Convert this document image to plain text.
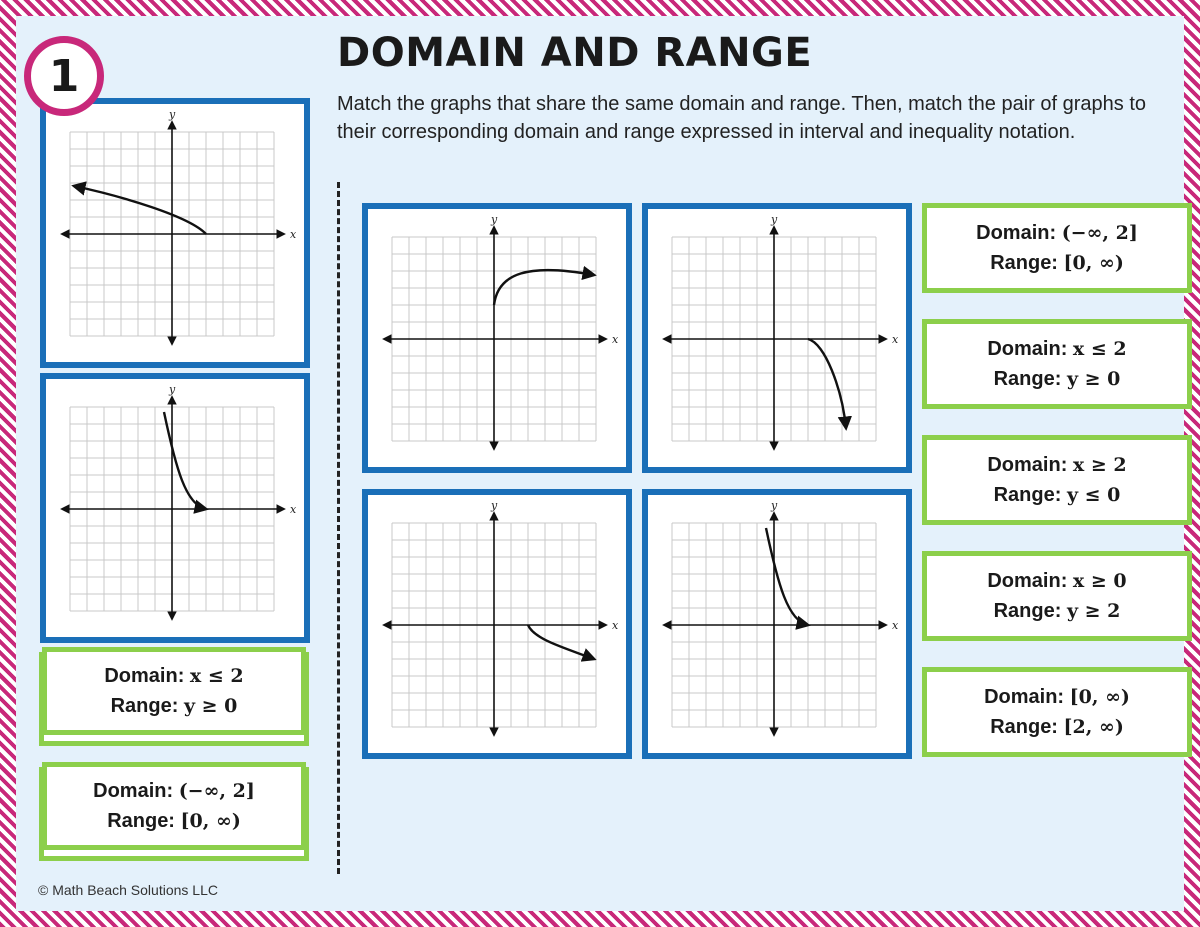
1	DOMAIN AND RANGE
Match the graphs that share the same domain and range. Then, match the pair of graphs to their corresponding domain and range expressed in interval and inequality notation.
x
y
x
y
Domain: x ≤ 2
Range: y ≥ 0
Domain: (−∞, 2]
Range: [0, ∞)
x
y
x
y
x
y
x
y
Domain: (−∞, 2]
Range: [0, ∞)
Domain: x ≤ 2
Range: y ≥ 0
Domain: x ≥ 2
Range: y ≤ 0
Domain: x ≥ 0
Range: y ≥ 2
Domain: [0, ∞)
Range: [2, ∞)
© Math Beach Solutions LLC
